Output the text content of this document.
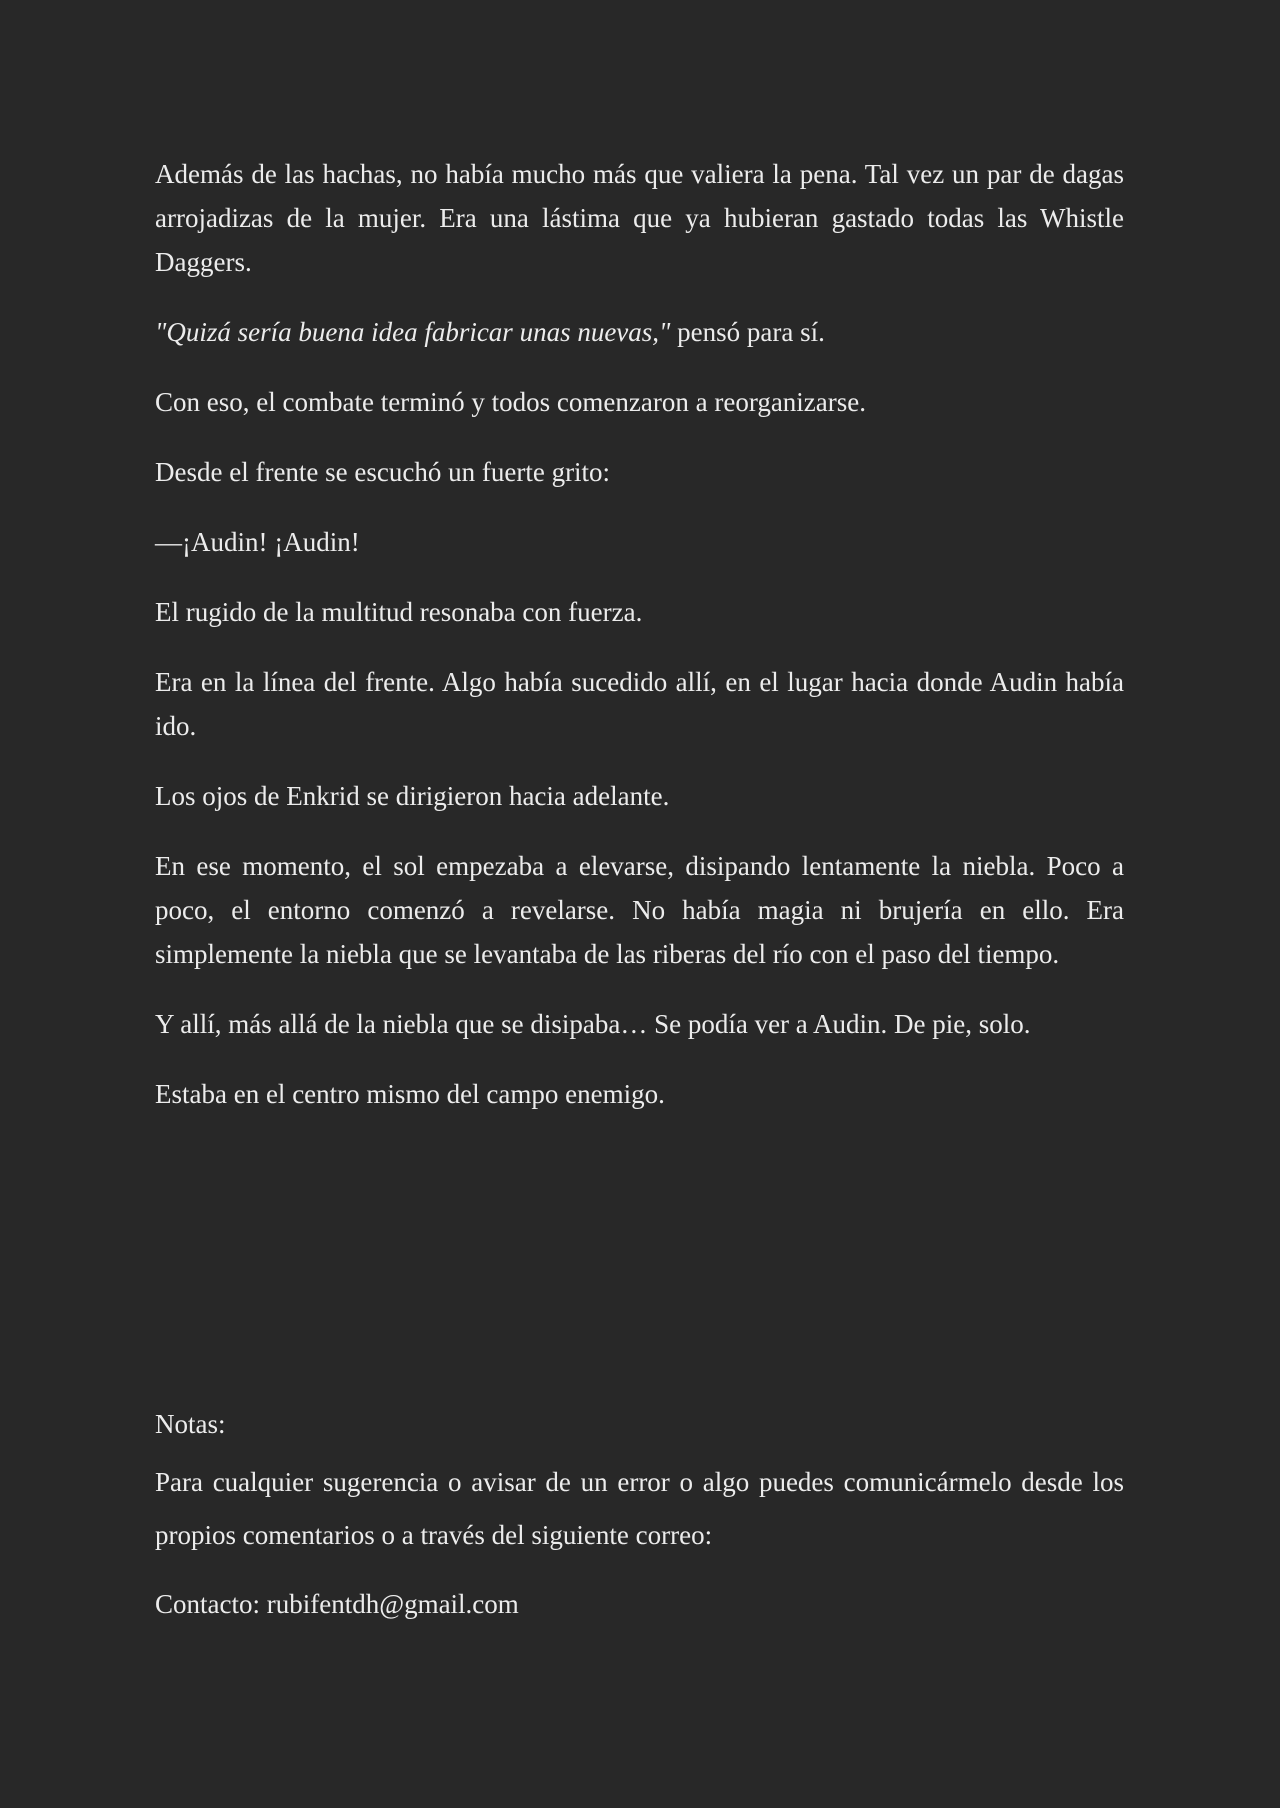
Además de las hachas, no había mucho más que valiera la pena. Tal vez un par de dagas arrojadizas de la mujer. Era una lástima que ya hubieran gastado todas las Whistle Daggers.

"Quizá sería buena idea fabricar unas nuevas," pensó para sí.

Con eso, el combate terminó y todos comenzaron a reorganizarse.

Desde el frente se escuchó un fuerte grito:

—¡Audin! ¡Audin!

El rugido de la multitud resonaba con fuerza.

Era en la línea del frente. Algo había sucedido allí, en el lugar hacia donde Audin había ido.

Los ojos de Enkrid se dirigieron hacia adelante.

En ese momento, el sol empezaba a elevarse, disipando lentamente la niebla. Poco a poco, el entorno comenzó a revelarse. No había magia ni brujería en ello. Era simplemente la niebla que se levantaba de las riberas del río con el paso del tiempo.

Y allí, más allá de la niebla que se disipaba… Se podía ver a Audin. De pie, solo.

Estaba en el centro mismo del campo enemigo.

Notas:

Para cualquier sugerencia o avisar de un error o algo puedes comunicármelo desde los propios comentarios o a través del siguiente correo:

Contacto: rubifentdh@gmail.com
